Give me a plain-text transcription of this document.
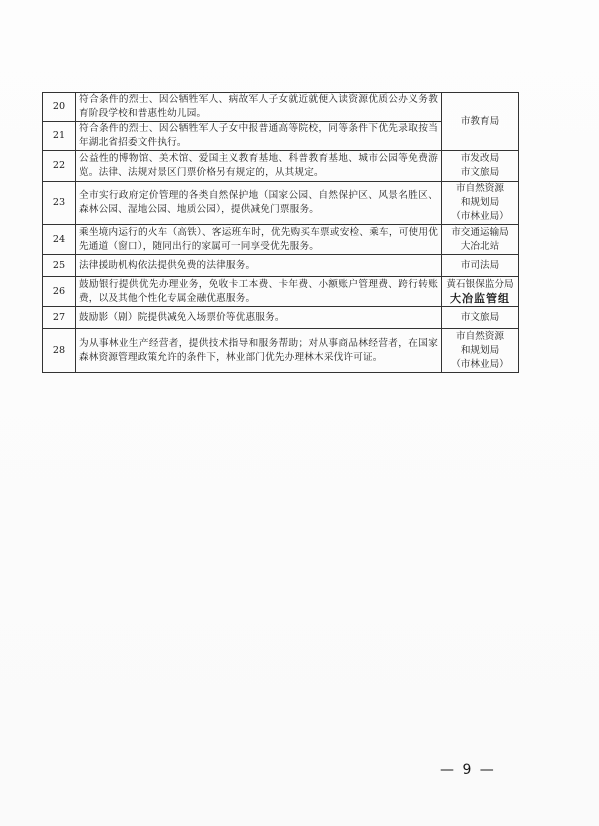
20	符合条件的烈士、因公牺牲军人、病故军人子女就近就便入读资源优质公办义务教育阶段学校和普惠性幼儿园。	市教育局
21	符合条件的烈士、因公牺牲军人子女中报普通高等院校，同等条件下优先录取按当年湖北省招委文件执行。	
22	公益性的博物馆、美术馆、爱国主义教育基地、科普教育基地、城市公园等免费游览。法律、法规对景区门票价格另有规定的，从其规定。	市发改局
市文旅局

23	全市实行政府定价管理的各类自然保护地（国家公园、自然保护区、风景名胜区、森林公园、湿地公园、地质公园），提供减免门票服务。	市自然资源
和规划局
（市林业局）

24	乘坐境内运行的火车（高铁）、客运班车时，优先购买车票或安检、乘车，可使用优先通道（窗口），随同出行的家属可一同享受优先服务。	市交通运输局
大冶北站

25	法律援助机构依法提供免费的法律服务。	市司法局
26	鼓励银行提供优先办理业务，免收卡工本费、卡年费、小额账户管理费、跨行转账费，以及其他个性化专属金融优惠服务。	黄石银保监分局
大冶监管组

27	鼓励影（剧）院提供减免入场票价等优惠服务。	市文旅局
28	为从事林业生产经营者，提供技术指导和服务帮助；对从事商品林经营者，在国家森林资源管理政策允许的条件下，林业部门优先办理林木采伐许可证。	市自然资源
和规划局
（市林业局）
— 9 —
